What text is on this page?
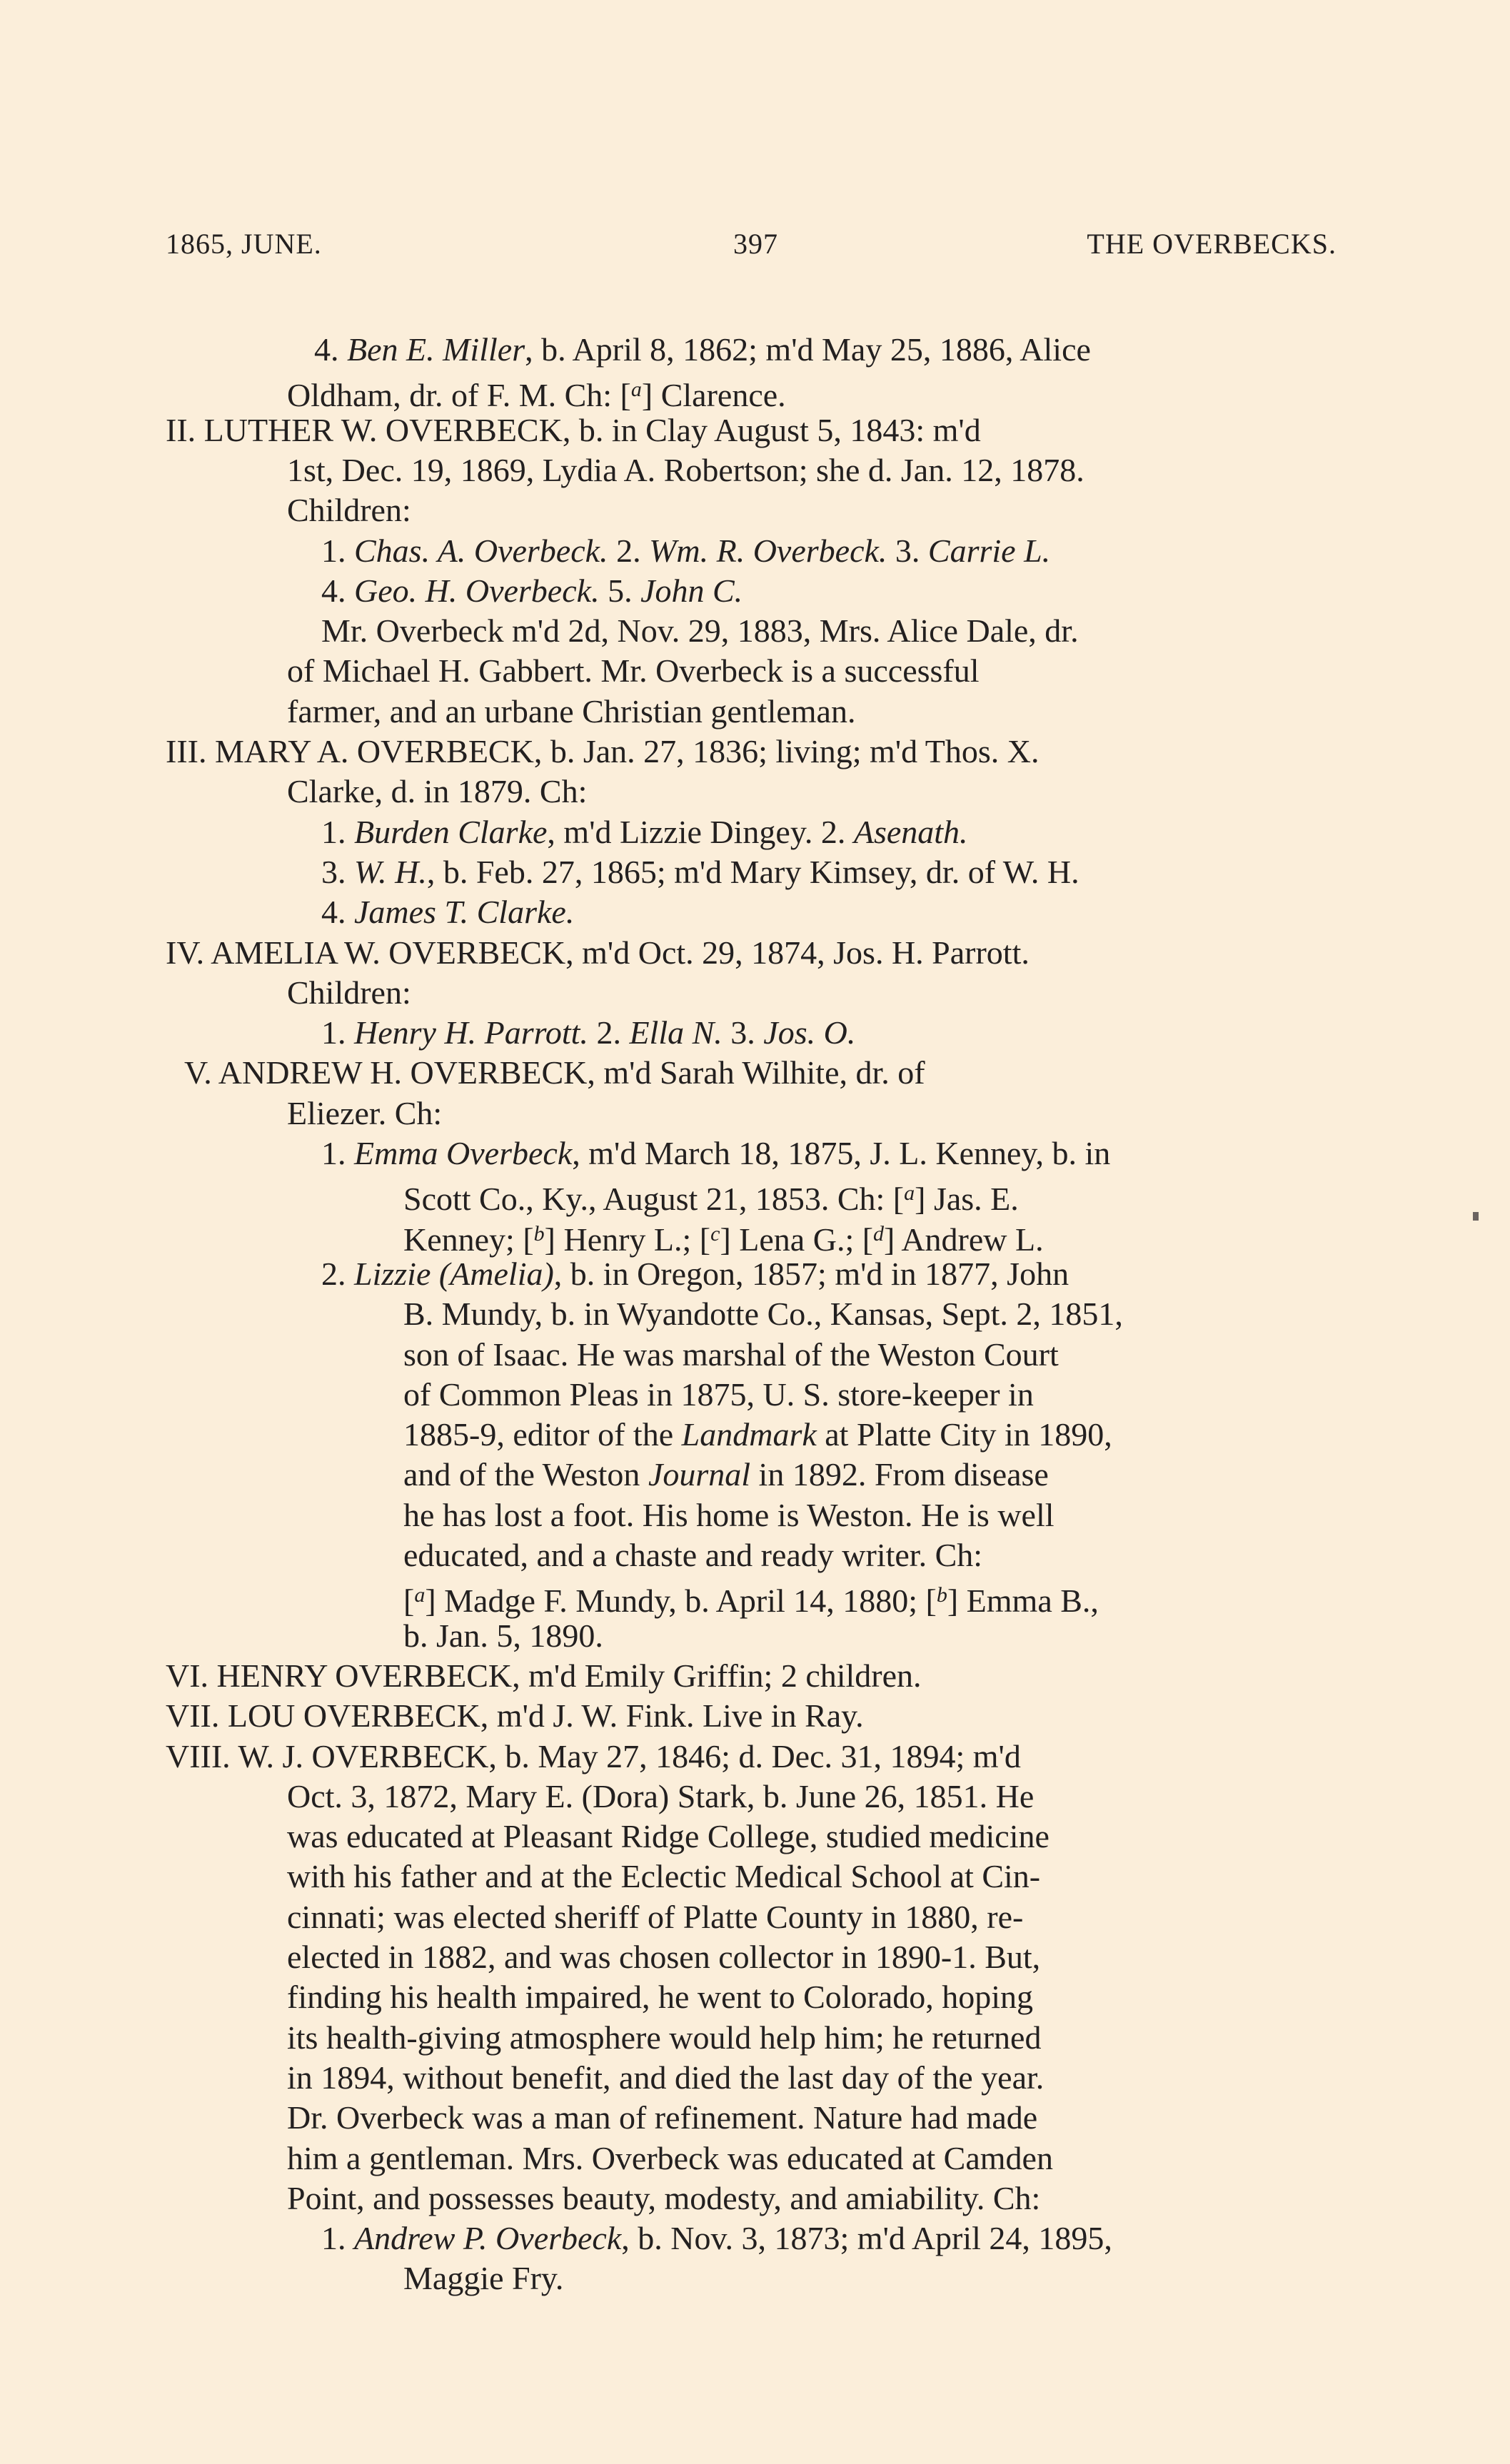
1865, JUNE.	397	THE OVERBECKS.
4. Ben E. Miller, b. April 8, 1862; m'd May 25, 1886, Alice
Oldham, dr. of F. M. Ch: [$^a$] Clarence.
II. LUTHER W. OVERBECK, b. in Clay August 5, 1843: m'd
1st, Dec. 19, 1869, Lydia A. Robertson; she d. Jan. 12, 1878.
Children:
1. Chas. A. Overbeck. 2. Wm. R. Overbeck. 3. Carrie L.
4. Geo. H. Overbeck. 5. John C.
Mr. Overbeck m'd 2d, Nov. 29, 1883, Mrs. Alice Dale, dr.
of Michael H. Gabbert. Mr. Overbeck is a successful
farmer, and an urbane Christian gentleman.
III. MARY A. OVERBECK, b. Jan. 27, 1836; living; m'd Thos. X.
Clarke, d. in 1879. Ch:
1. Burden Clarke, m'd Lizzie Dingey. 2. Asenath.
3. W. H., b. Feb. 27, 1865; m'd Mary Kimsey, dr. of W. H.
4. James T. Clarke.
IV. AMELIA W. OVERBECK, m'd Oct. 29, 1874, Jos. H. Parrott.
Children:
1. Henry H. Parrott. 2. Ella N. 3. Jos. O.
V. ANDREW H. OVERBECK, m'd Sarah Wilhite, dr. of
Eliezer. Ch:
1. Emma Overbeck, m'd March 18, 1875, J. L. Kenney, b. in
Scott Co., Ky., August 21, 1853. Ch: [$^a$] Jas. E.
Kenney; [$^b$] Henry L.; [$^c$] Lena G.; [$^d$] Andrew L.
2. Lizzie (Amelia), b. in Oregon, 1857; m'd in 1877, John
B. Mundy, b. in Wyandotte Co., Kansas, Sept. 2, 1851,
son of Isaac. He was marshal of the Weston Court
of Common Pleas in 1875, U. S. store-keeper in
1885-9, editor of the Landmark at Platte City in 1890,
and of the Weston Journal in 1892. From disease
he has lost a foot. His home is Weston. He is well
educated, and a chaste and ready writer. Ch:
[$^a$] Madge F. Mundy, b. April 14, 1880; [$^b$] Emma B.,
b. Jan. 5, 1890.
VI. HENRY OVERBECK, m'd Emily Griffin; 2 children.
VII. LOU OVERBECK, m'd J. W. Fink. Live in Ray.
VIII. W. J. OVERBECK, b. May 27, 1846; d. Dec. 31, 1894; m'd
Oct. 3, 1872, Mary E. (Dora) Stark, b. June 26, 1851. He
was educated at Pleasant Ridge College, studied medicine
with his father and at the Eclectic Medical School at Cin-
cinnati; was elected sheriff of Platte County in 1880, re-
elected in 1882, and was chosen collector in 1890-1. But,
finding his health impaired, he went to Colorado, hoping
its health-giving atmosphere would help him; he returned
in 1894, without benefit, and died the last day of the year.
Dr. Overbeck was a man of refinement. Nature had made
him a gentleman. Mrs. Overbeck was educated at Camden
Point, and possesses beauty, modesty, and amiability. Ch:
1. Andrew P. Overbeck, b. Nov. 3, 1873; m'd April 24, 1895,
Maggie Fry.
